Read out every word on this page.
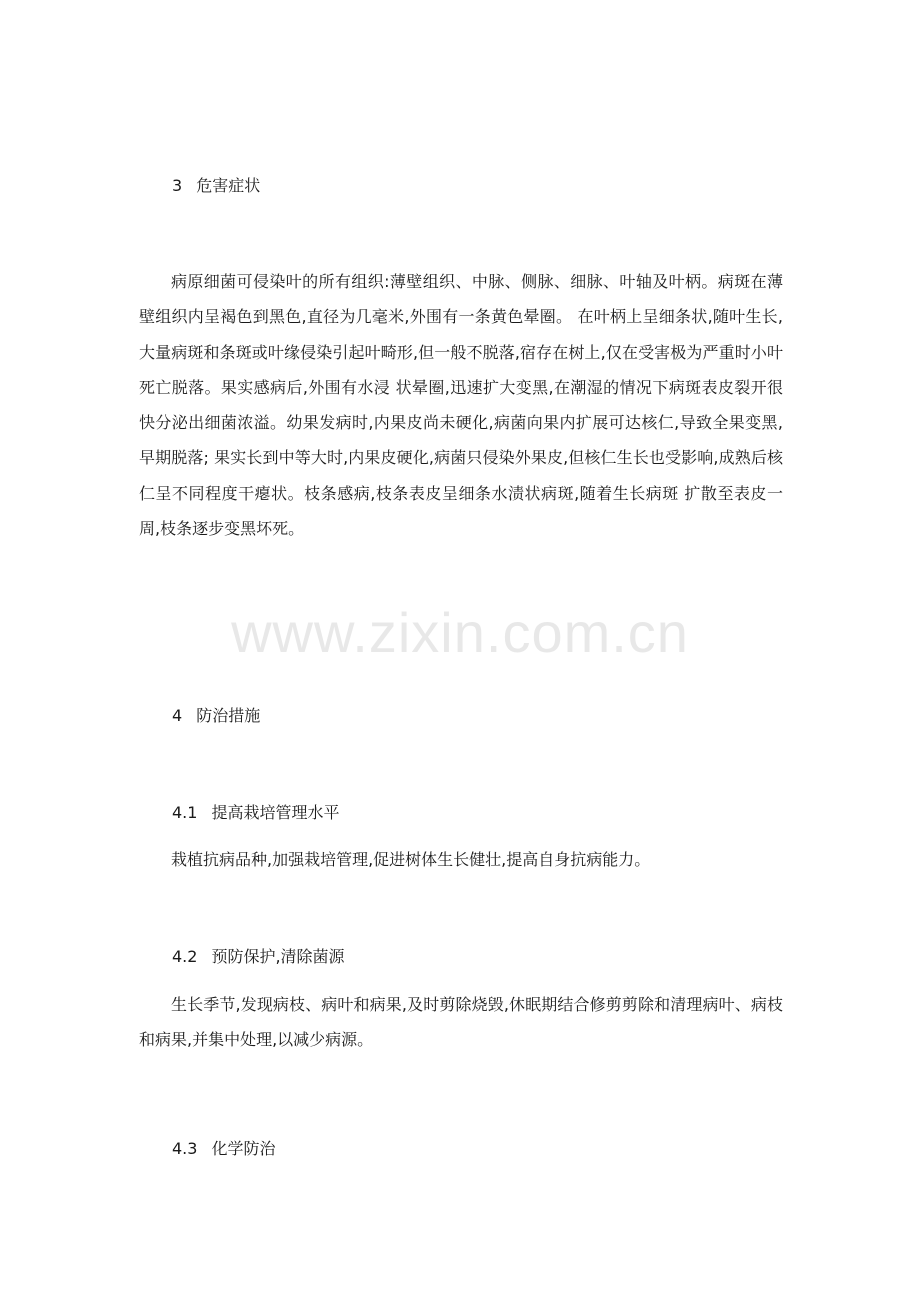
3 危害症状
病原细菌可侵染叶的所有组织:薄壁组织、中脉、侧脉、细脉、叶轴及叶柄。病斑在薄壁组织内呈褐色到黑色,直径为几毫米,外围有一条黄色晕圈。 在叶柄上呈细条状,随叶生长,大量病斑和条斑或叶缘侵染引起叶畸形,但一般不脱落,宿存在树上,仅在受害极为严重时小叶死亡脱落。果实感病后,外围有水浸 状晕圈,迅速扩大变黑,在潮湿的情况下病斑表皮裂开很快分泌出细菌浓溢。幼果发病时,内果皮尚未硬化,病菌向果内扩展可达核仁,导致全果变黑,早期脱落; 果实长到中等大时,内果皮硬化,病菌只侵染外果皮,但核仁生长也受影响,成熟后核仁呈不同程度干瘪状。枝条感病,枝条表皮呈细条水渍状病斑,随着生长病斑 扩散至表皮一周,枝条逐步变黑坏死。
4 防治措施
4.1 提高栽培管理水平
栽植抗病品种,加强栽培管理,促进树体生长健壮,提高自身抗病能力。
4.2 预防保护,清除菌源
生长季节,发现病枝、病叶和病果,及时剪除烧毁,休眠期结合修剪剪除和清理病叶、病枝和病果,并集中处理,以减少病源。
4.3 化学防治
www.zixin.com.cn
